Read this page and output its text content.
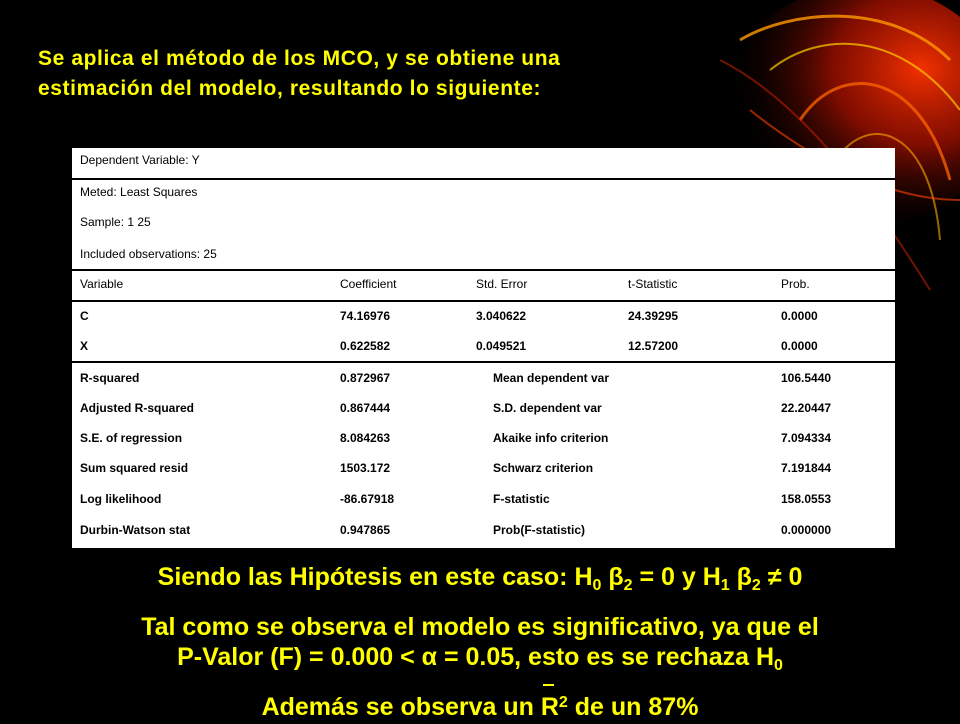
Se aplica el método de los MCO, y se obtiene una
estimación del modelo, resultando lo siguiente:

Dependent Variable: Y
Meted: Least Squares
Sample: 1 25
Included observations: 25
Variable	Coefficient	Std. Error	t-Statistic	Prob.
C	74.16976	3.040622	24.39295	0.0000
X	0.622582	0.049521	12.57200	0.0000
R-squared	0.872967	Mean dependent var	106.5440
Adjusted R-squared	0.867444	S.D. dependent var	22.20447
S.E. of regression	8.084263	Akaike info criterion	7.094334
Sum squared resid	1503.172	Schwarz criterion	7.191844
Log likelihood	-86.67918	F-statistic	158.0553
Durbin-Watson stat	0.947865	Prob(F-statistic)	0.000000

Siendo las Hipótesis en este caso: $H_0$ $\beta_2 = 0$ y $H_1$ $\beta_2 \ne 0$

Tal como se observa el modelo es significativo, ya que el
P-Valor (F) = 0.000 < α = 0.05, esto es se rechaza $H_0$

Además se observa un $R^2$ de un 87%
